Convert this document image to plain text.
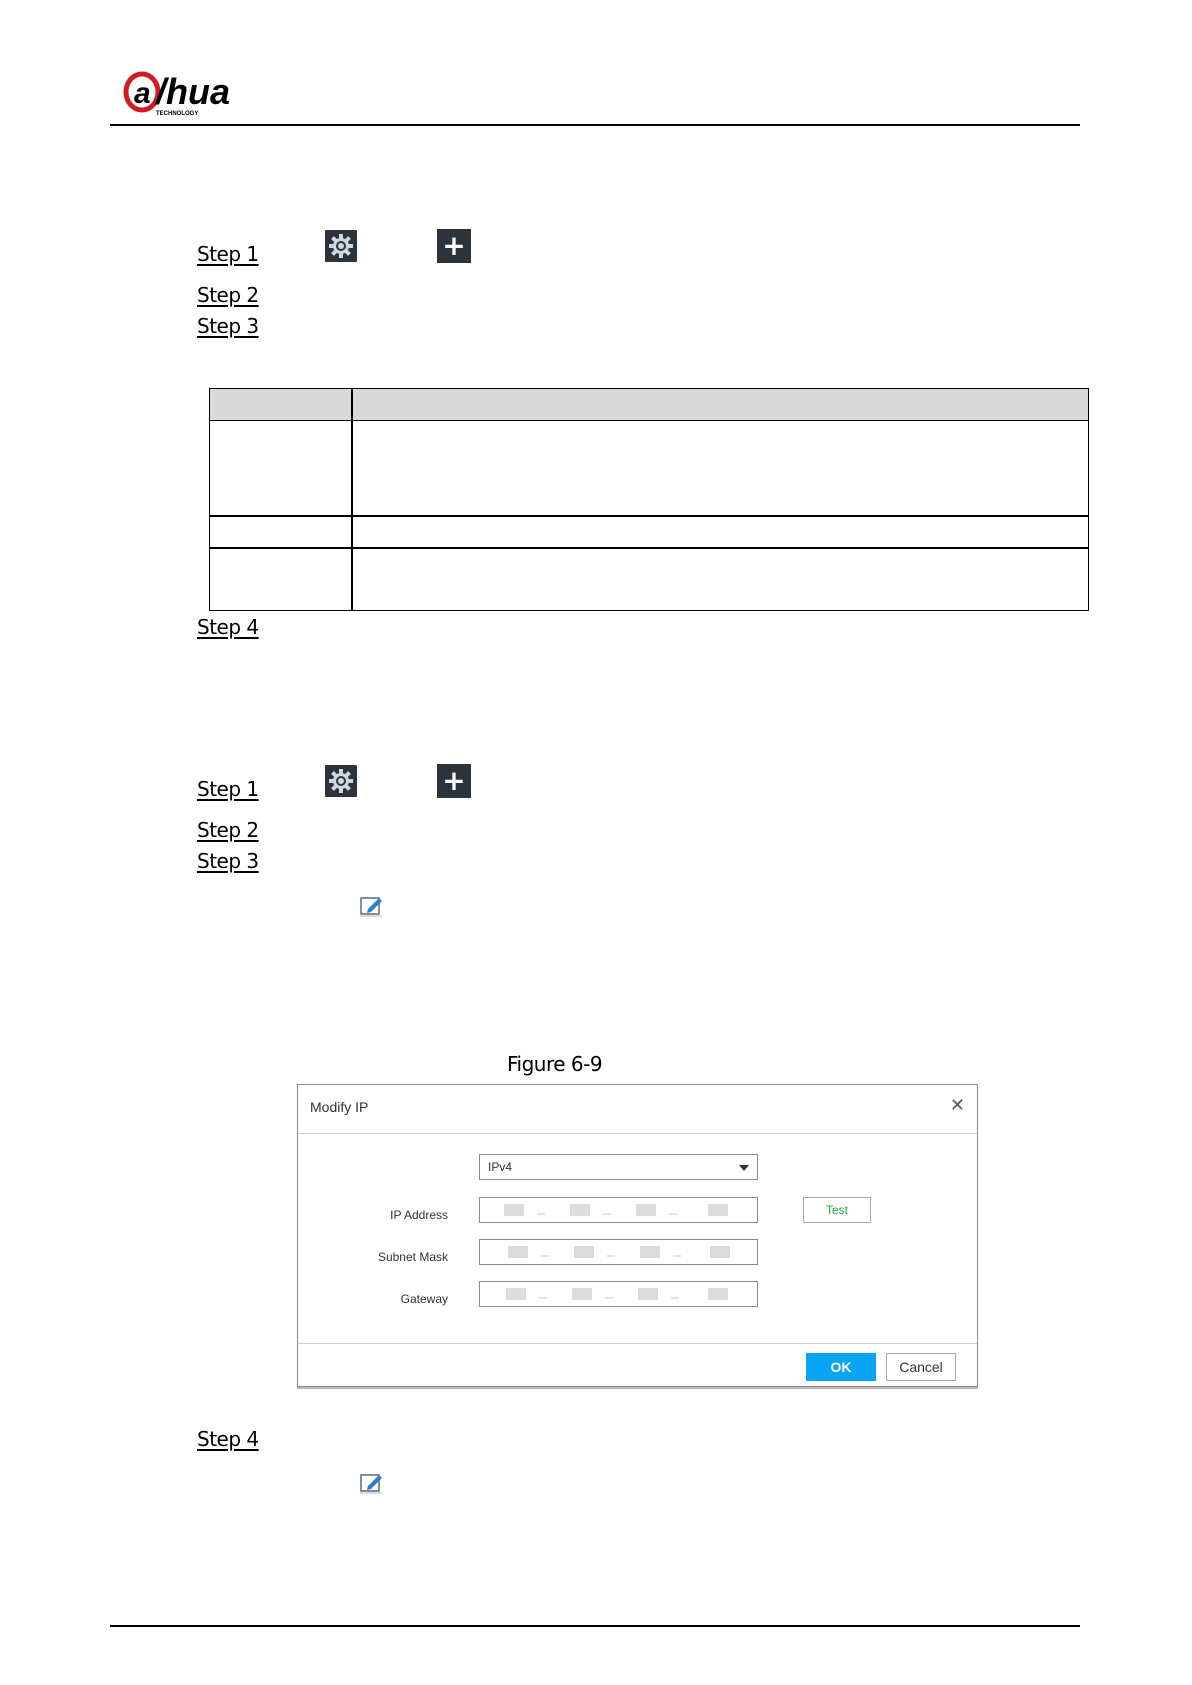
a /hua
TECHNOLOGY
Step 1	+
Step 2
Step 3
Step 4
Step 1	+
Step 2
Step 3
Figure 6-9
Modify IP	✕
IPv4
IP Address	Test
Subnet Mask
Gateway
OK	Cancel
Step 4
